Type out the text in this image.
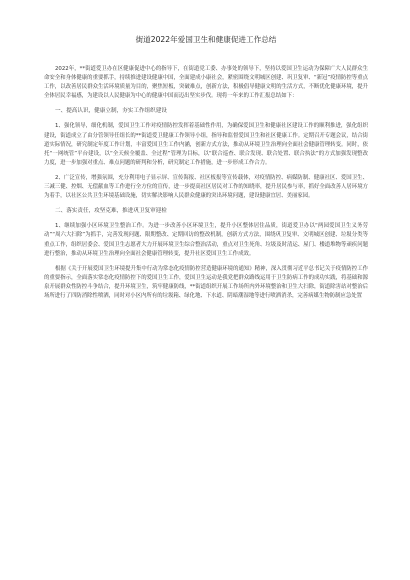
街道2022年爱国卫生和健康促进工作总结

2022年，**街道爱卫办在区健康促进中心的指导下，在街道党工委、办事处的领导下，坚持以爱国卫生运动为保障广大人民群众生命安全和身体健康的重要抓手，持续推进建设健康中国，全面建成小康社会，紧密围绕文明城区创建、巩卫复审、“新冠”疫情防控等重点工作，以改善居民群众生活环境质量为目的，聚焦短板，突破难点，创新方法，积极倡导健康文明的生活方式，不断优化健康环境，提升全体居民幸福感，为建设以人民健康为中心的健康中国而迈出坚实步伐。现将一年来的工作汇报总结如下：

一、提高认识，健康立制，夯实工作组织建设

1、强化领导，细化机制，爱国卫生工作对疫情防控发挥着基础性作用，为确保爱国卫生和健康社区建设工作的顺利推进，强化组织建设，街道成立了由分管领导任组长的**街道爱卫健康工作领导小组，指导和监督爱国卫生和社区健康工作。定期召开专题会议，结合街道实际情况，研究制定年度工作计划，丰富爱国卫生工作内涵，创新方式方法，推动从环境卫生治理向全面社会健康管理转变。同时，依托“一网统管”平台建设，以“全天候全覆盖、全过程”管理为目标，以“联合巡查、联合发现、联合处置、联合执法”的方式加强发现整改力度，进一步加强对重点、难点问题的研判和分析，研究制定工作措施，进一步形成工作合力。

2、广泛宣传，增强氛围，充分利用电子显示屏、宣传海报、社区板报等宣传载体，对疫情防控、病媒防制、健康社区、爱国卫生、三减三健、控烟、无偿献血等工作进行全方位的宣传，进一步提高社区居民对工作的知晓率，提升居民参与率，抓好全面改善人居环境方为着手，以社区公共卫生环境基础设施，切实解决影响人民群众健康的突出环境问题，建设健康宜居、美丽家园。

二、落实责任，攻坚克难，推进巩卫复审迎检

1、继续加强小区环境卫生整治工作。为进一步改善小区环境卫生，提升小区整体居住品质，街道爱卫办以“两园爱国卫生义务劳动”“周六大扫除”为抓手，完善发现问题、限期整改、定期回访的整改机制，创新方式方法，围绕巩卫复审、文明城区创建、垃圾分类等重点工作，组织居委会、爱国卫生志愿者大力开展环境卫生综合整治活动，重点对卫生死角、垃圾及时清运、屋门、楼道堆物等顽疾问题进行整治，推动从环境卫生治理向全面社会健康管理转变，提升社区爱国卫生工作成效。

根据《关于开展爱国卫生环境提升集中行动为常态化疫情防控营造健康环境的通知》精神，深入贯彻习近平总书记关于疫情防控工作的重要指示，全面落实常态化疫情防控下的爱国卫生工作，爱国卫生运动是我党把群众路线运用于卫生防病工作的成功实践，将基础和源泉开展群众性防控斗争结合，提升环境卫生，筑牢健康防线，**街道组织开展工作场所内外环境整治和卫生大扫除，街道除害站对整治后场所进行了四防消除性喷洒，同时对小区内所有的垃圾箱、绿化地、下水道、阴暗潮湿地等进行喷洒消杀，完善病媒生物防制应急处置
